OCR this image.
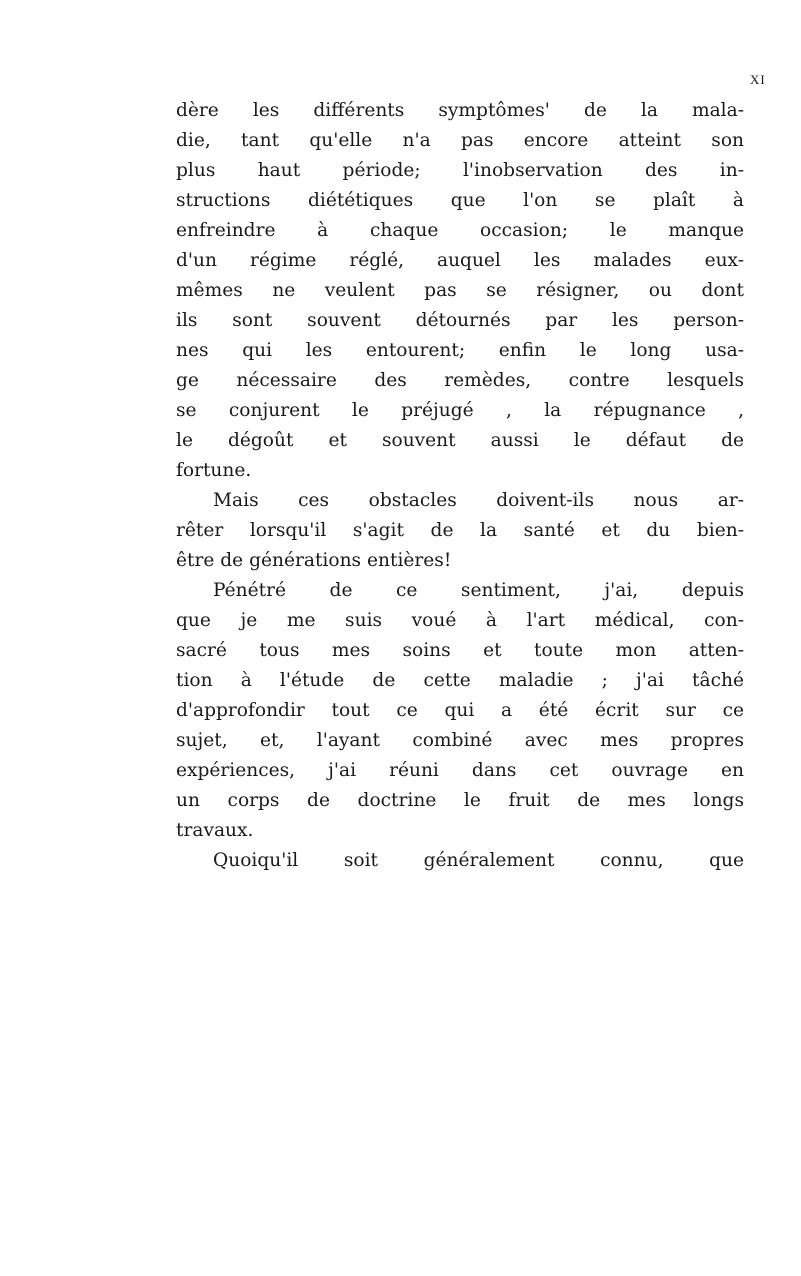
XI
dère les différents symptômes' de la mala-
die, tant qu'elle n'a pas encore atteint son
plus haut période; l'inobservation des in-
structions diététiques que l'on se plaît à
enfreindre à chaque occasion; le manque
d'un régime réglé, auquel les malades eux-
mêmes ne veulent pas se résigner, ou dont
ils sont souvent détournés par les person-
nes qui les entourent; enfin le long usa-
ge nécessaire des remèdes, contre lesquels
se conjurent le préjugé , la répugnance ,
le dégoût et souvent aussi le défaut de
fortune.
Mais ces obstacles doivent-ils nous ar-
rêter lorsqu'il s'agit de la santé et du bien-
être de générations entières!
Pénétré de ce sentiment, j'ai, depuis
que je me suis voué à l'art médical, con-
sacré tous mes soins et toute mon atten-
tion à l'étude de cette maladie ; j'ai tâché
d'approfondir tout ce qui a été écrit sur ce
sujet, et, l'ayant combiné avec mes propres
expériences, j'ai réuni dans cet ouvrage en
un corps de doctrine le fruit de mes longs
travaux.
Quoiqu'il soit généralement connu, que
